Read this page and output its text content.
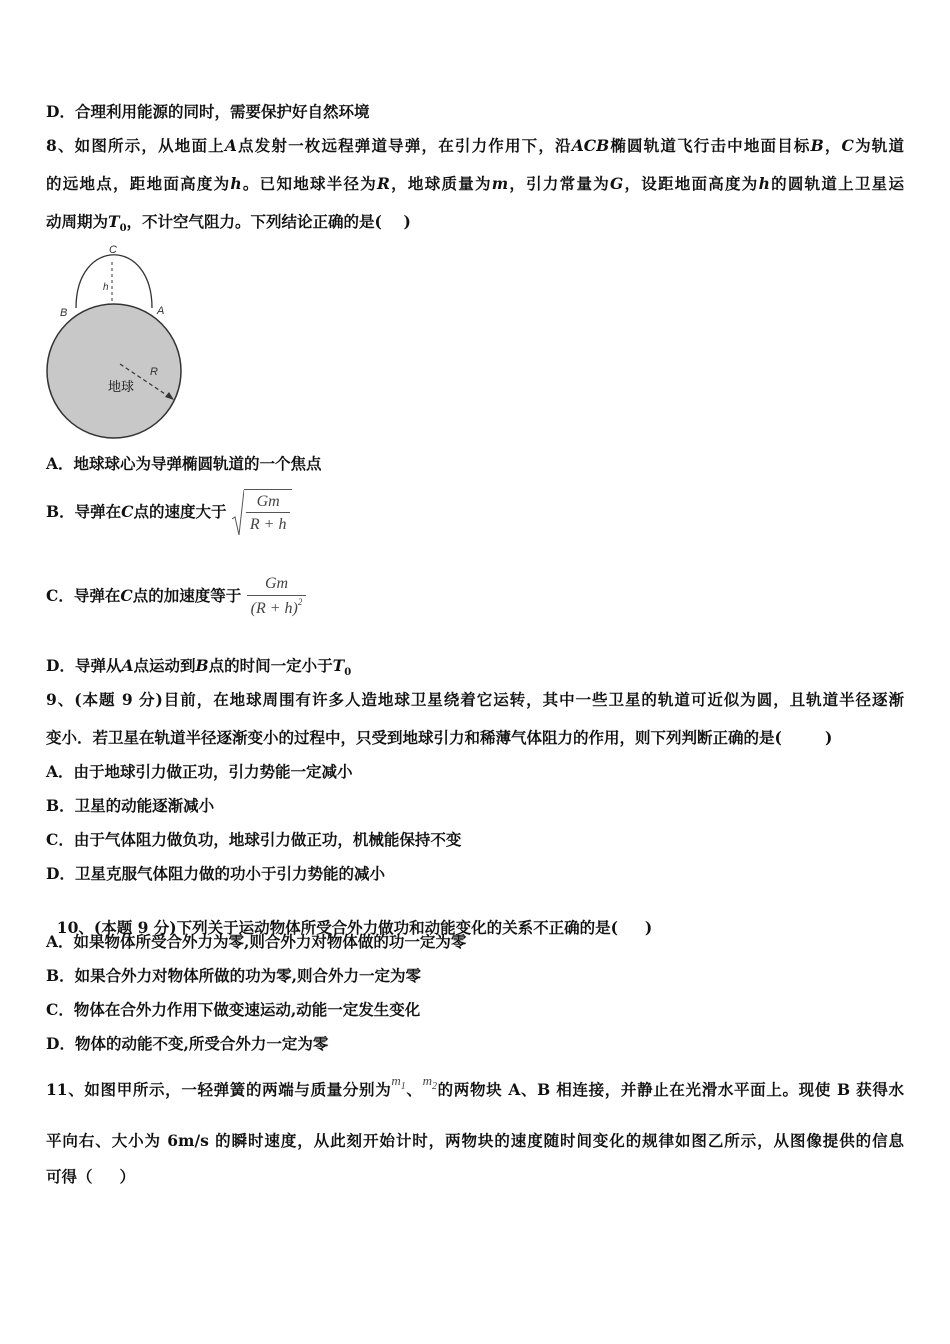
D．合理利用能源的同时，需要保护好自然环境
8、如图所示，从地面上A点发射一枚远程弹道导弹，在引力作用下，沿ACB椭圆轨道飞行击中地面目标B，C为轨道
的远地点，距地面高度为h。已知地球半径为R，地球质量为m，引力常量为G，设距地面高度为h的圆轨道上卫星运
动周期为$T_0$，不计空气阻力。下列结论正确的是(    )
C
h
B	A
R
地球
A．地球球心为导弹椭圆轨道的一个焦点
B．导弹在C点的速度大于 $\frac{Gm}{R + h}$
C．导弹在C点的加速度等于 $\frac{Gm}{(R + h)^2}$
D．导弹从A点运动到B点的时间一定小于$T_0$
9、(本题 9 分)目前，在地球周围有许多人造地球卫星绕着它运转，其中一些卫星的轨道可近似为圆，且轨道半径逐渐
变小．若卫星在轨道半径逐渐变小的过程中，只受到地球引力和稀薄气体阻力的作用，则下列判断正确的是(        )
A．由于地球引力做正功，引力势能一定减小
B．卫星的动能逐渐减小
C．由于气体阻力做负功，地球引力做正功，机械能保持不变
D．卫星克服气体阻力做的功小于引力势能的减小

10、(本题 9 分)下列关于运动物体所受合外力做功和动能变化的关系不正确的是(     )

A．如果物体所受合外力为零,则合外力对物体做的功一定为零
B．如果合外力对物体所做的功为零,则合外力一定为零
C．物体在合外力作用下做变速运动,动能一定发生变化
D．物体的动能不变,所受合外力一定为零
11、如图甲所示，一轻弹簧的两端与质量分别为$^{m_1}$、$^{m_2}$的两物块 A、B 相连接，并静止在光滑水平面上。现使 B 获得水
平向右、大小为 6m/s 的瞬时速度，从此刻开始计时，两物块的速度随时间变化的规律如图乙所示，从图像提供的信息
可得（     ）
